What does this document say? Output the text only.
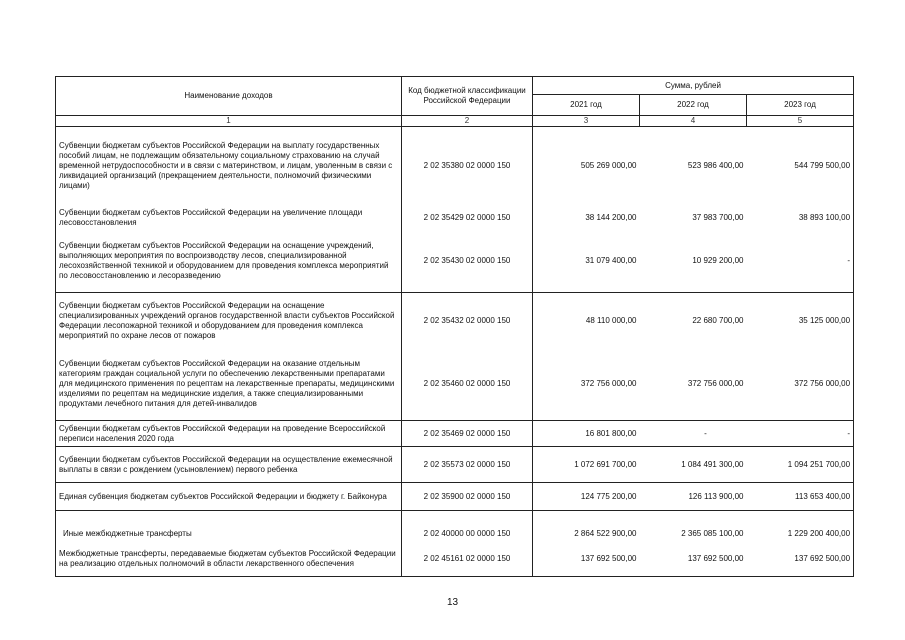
Наименование доходов	Код бюджетной классификации Российской Федерации	Сумма, рублей		
		2021 год	2022 год	2023 год
1	2	3	4	5
Субвенции бюджетам субъектов Российской Федерации на выплату государственных пособий лицам, не подлежащим обязательному социальному страхованию на случай временной нетрудоспособности и в связи с материнством, и лицам, уволенным в связи с ликвидацией организаций (прекращением деятельности, полномочий физическими лицами)	2 02 35380 02 0000 150	505 269 000,00	523 986 400,00	544 799 500,00
Субвенции бюджетам субъектов Российской Федерации на увеличение площади лесовосстановления	2 02 35429 02 0000 150	38 144 200,00	37 983 700,00	38 893 100,00
Субвенции бюджетам субъектов Российской Федерации на оснащение учреждений, выполняющих мероприятия по воспроизводству лесов, специализированной лесохозяйственной техникой и оборудованием для проведения комплекса мероприятий по лесовосстановлению и лесоразведению	2 02 35430 02 0000 150	31 079 400,00	10 929 200,00	-
Субвенции бюджетам субъектов Российской Федерации на оснащение специализированных учреждений органов государственной власти субъектов Российской Федерации лесопожарной техникой и оборудованием для проведения комплекса мероприятий по охране лесов от пожаров	2 02 35432 02 0000 150	48 110 000,00	22 680 700,00	35 125 000,00
Субвенции бюджетам субъектов Российской Федерации на оказание отдельным категориям граждан социальной услуги по обеспечению лекарственными препаратами для медицинского применения по рецептам на лекарственные препараты, медицинскими изделиями по рецептам на медицинские изделия, а также специализированными продуктами лечебного питания для детей-инвалидов	2 02 35460 02 0000 150	372 756 000,00	372 756 000,00	372 756 000,00
Субвенции бюджетам субъектов Российской Федерации на проведение Всероссийской переписи населения 2020 года	2 02 35469 02 0000 150	16 801 800,00	-	-
Субвенции бюджетам субъектов Российской Федерации на осуществление ежемесячной выплаты в связи с рождением (усыновлением) первого ребенка	2 02 35573 02 0000 150	1 072 691 700,00	1 084 491 300,00	1 094 251 700,00
Единая субвенция бюджетам субъектов Российской Федерации и бюджету г. Байконура	2 02 35900 02 0000 150	124 775 200,00	126 113 900,00	113 653 400,00
Иные межбюджетные трансферты	2 02 40000 00 0000 150	2 864 522 900,00	2 365 085 100,00	1 229 200 400,00
Межбюджетные трансферты, передаваемые бюджетам субъектов Российской Федерации на реализацию отдельных полномочий в области лекарственного обеспечения	2 02 45161 02 0000 150	137 692 500,00	137 692 500,00	137 692 500,00
13
